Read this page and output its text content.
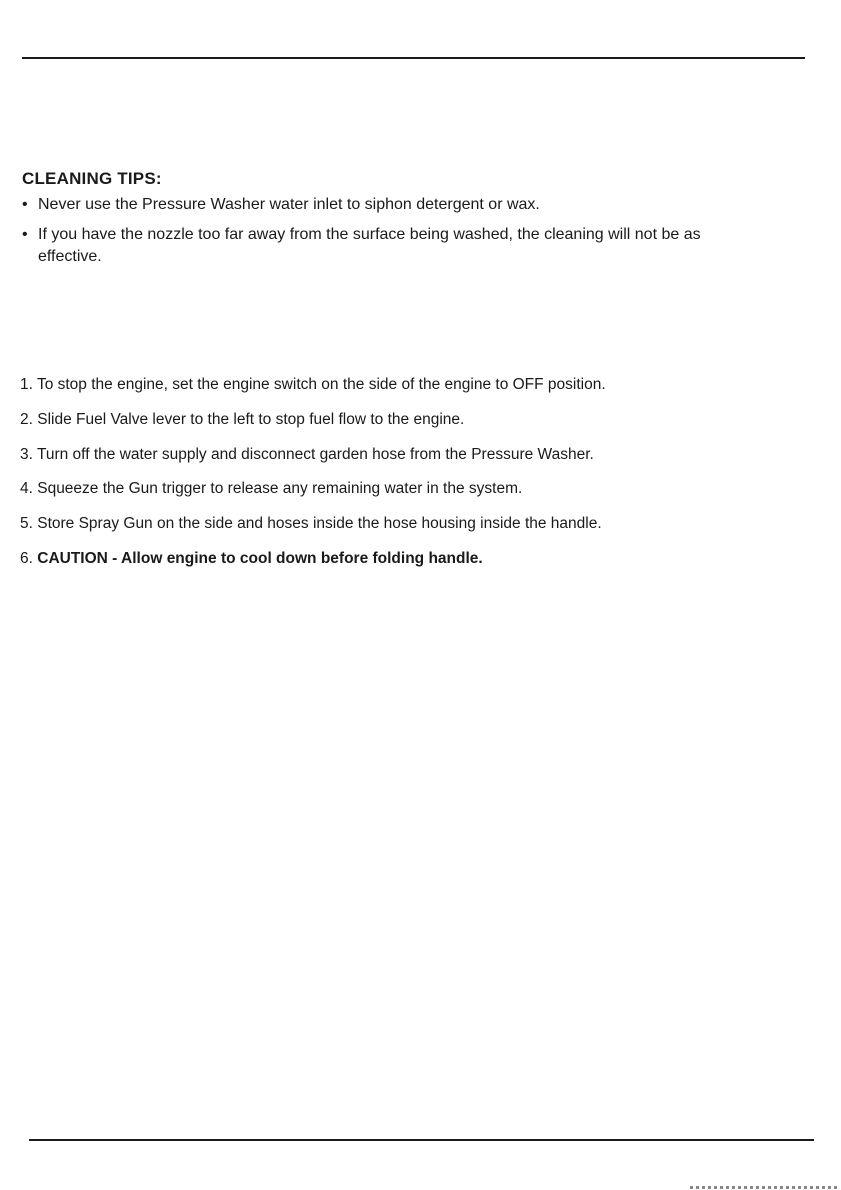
CLEANING TIPS:
• Never use the Pressure Washer water inlet to siphon detergent or wax.
• If you have the nozzle too far away from the surface being washed, the cleaning will not be as effective.
1. To stop the engine, set the engine switch on the side of the engine to OFF position.
2. Slide Fuel Valve lever to the left to stop fuel flow to the engine.
3. Turn off the water supply and disconnect garden hose from the Pressure Washer.
4. Squeeze the Gun trigger to release any remaining water in the system.
5. Store Spray Gun on the side and hoses inside the hose housing inside the handle.
6. CAUTION - Allow engine to cool down before folding handle.
